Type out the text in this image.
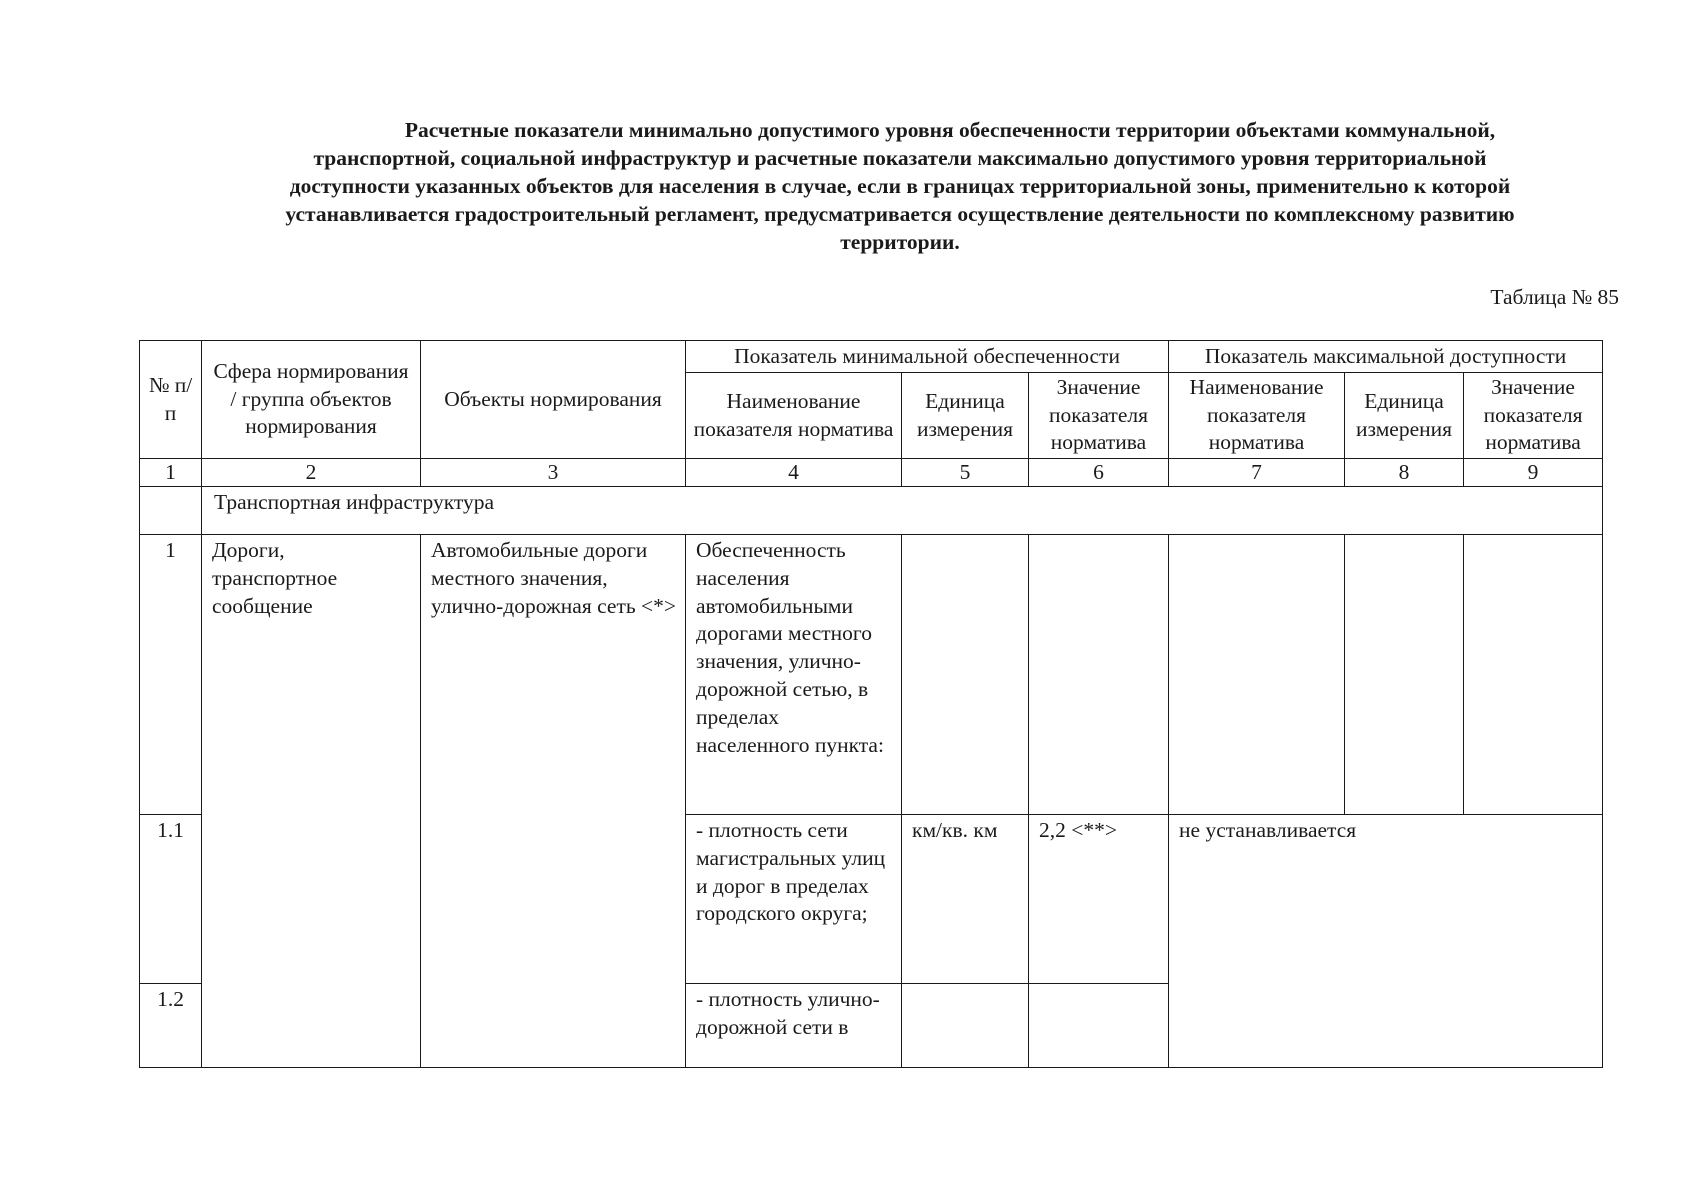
Расчетные показатели минимально допустимого уровня обеспеченности территории объектами коммунальной,
транспортной, социальной инфраструктур и расчетные показатели максимально допустимого уровня территориальной
доступности указанных объектов для населения в случае, если в границах территориальной зоны, применительно к которой
устанавливается градостроительный регламент, предусматривается осуществление деятельности по комплексному развитию
территории.
Таблица № 85
№ п/п	Сфера нормирования / группа объектов нормирования	Объекты нормирования	Показатель минимальной обеспеченности			Показатель максимальной доступности		
			Наименование показателя норматива	Единица измерения	Значение показателя норматива	Наименование показателя норматива	Единица измерения	Значение показателя норматива
1	2	3	4	5	6	7	8	9
	Транспортная инфраструктура							
1	Дороги, транспортное сообщение	Автомобильные дороги местного значения, улично-дорожная сеть <*>	Обеспеченность населения автомобильными дорогами местного значения, улично-дорожной сетью, в пределах населенного пункта:					
1.1			- плотность сети магистральных улиц и дорог в пределах городского округа;	км/кв. км	2,2 <**>	не устанавливается		
1.2			- плотность улично-дорожной сети в					
